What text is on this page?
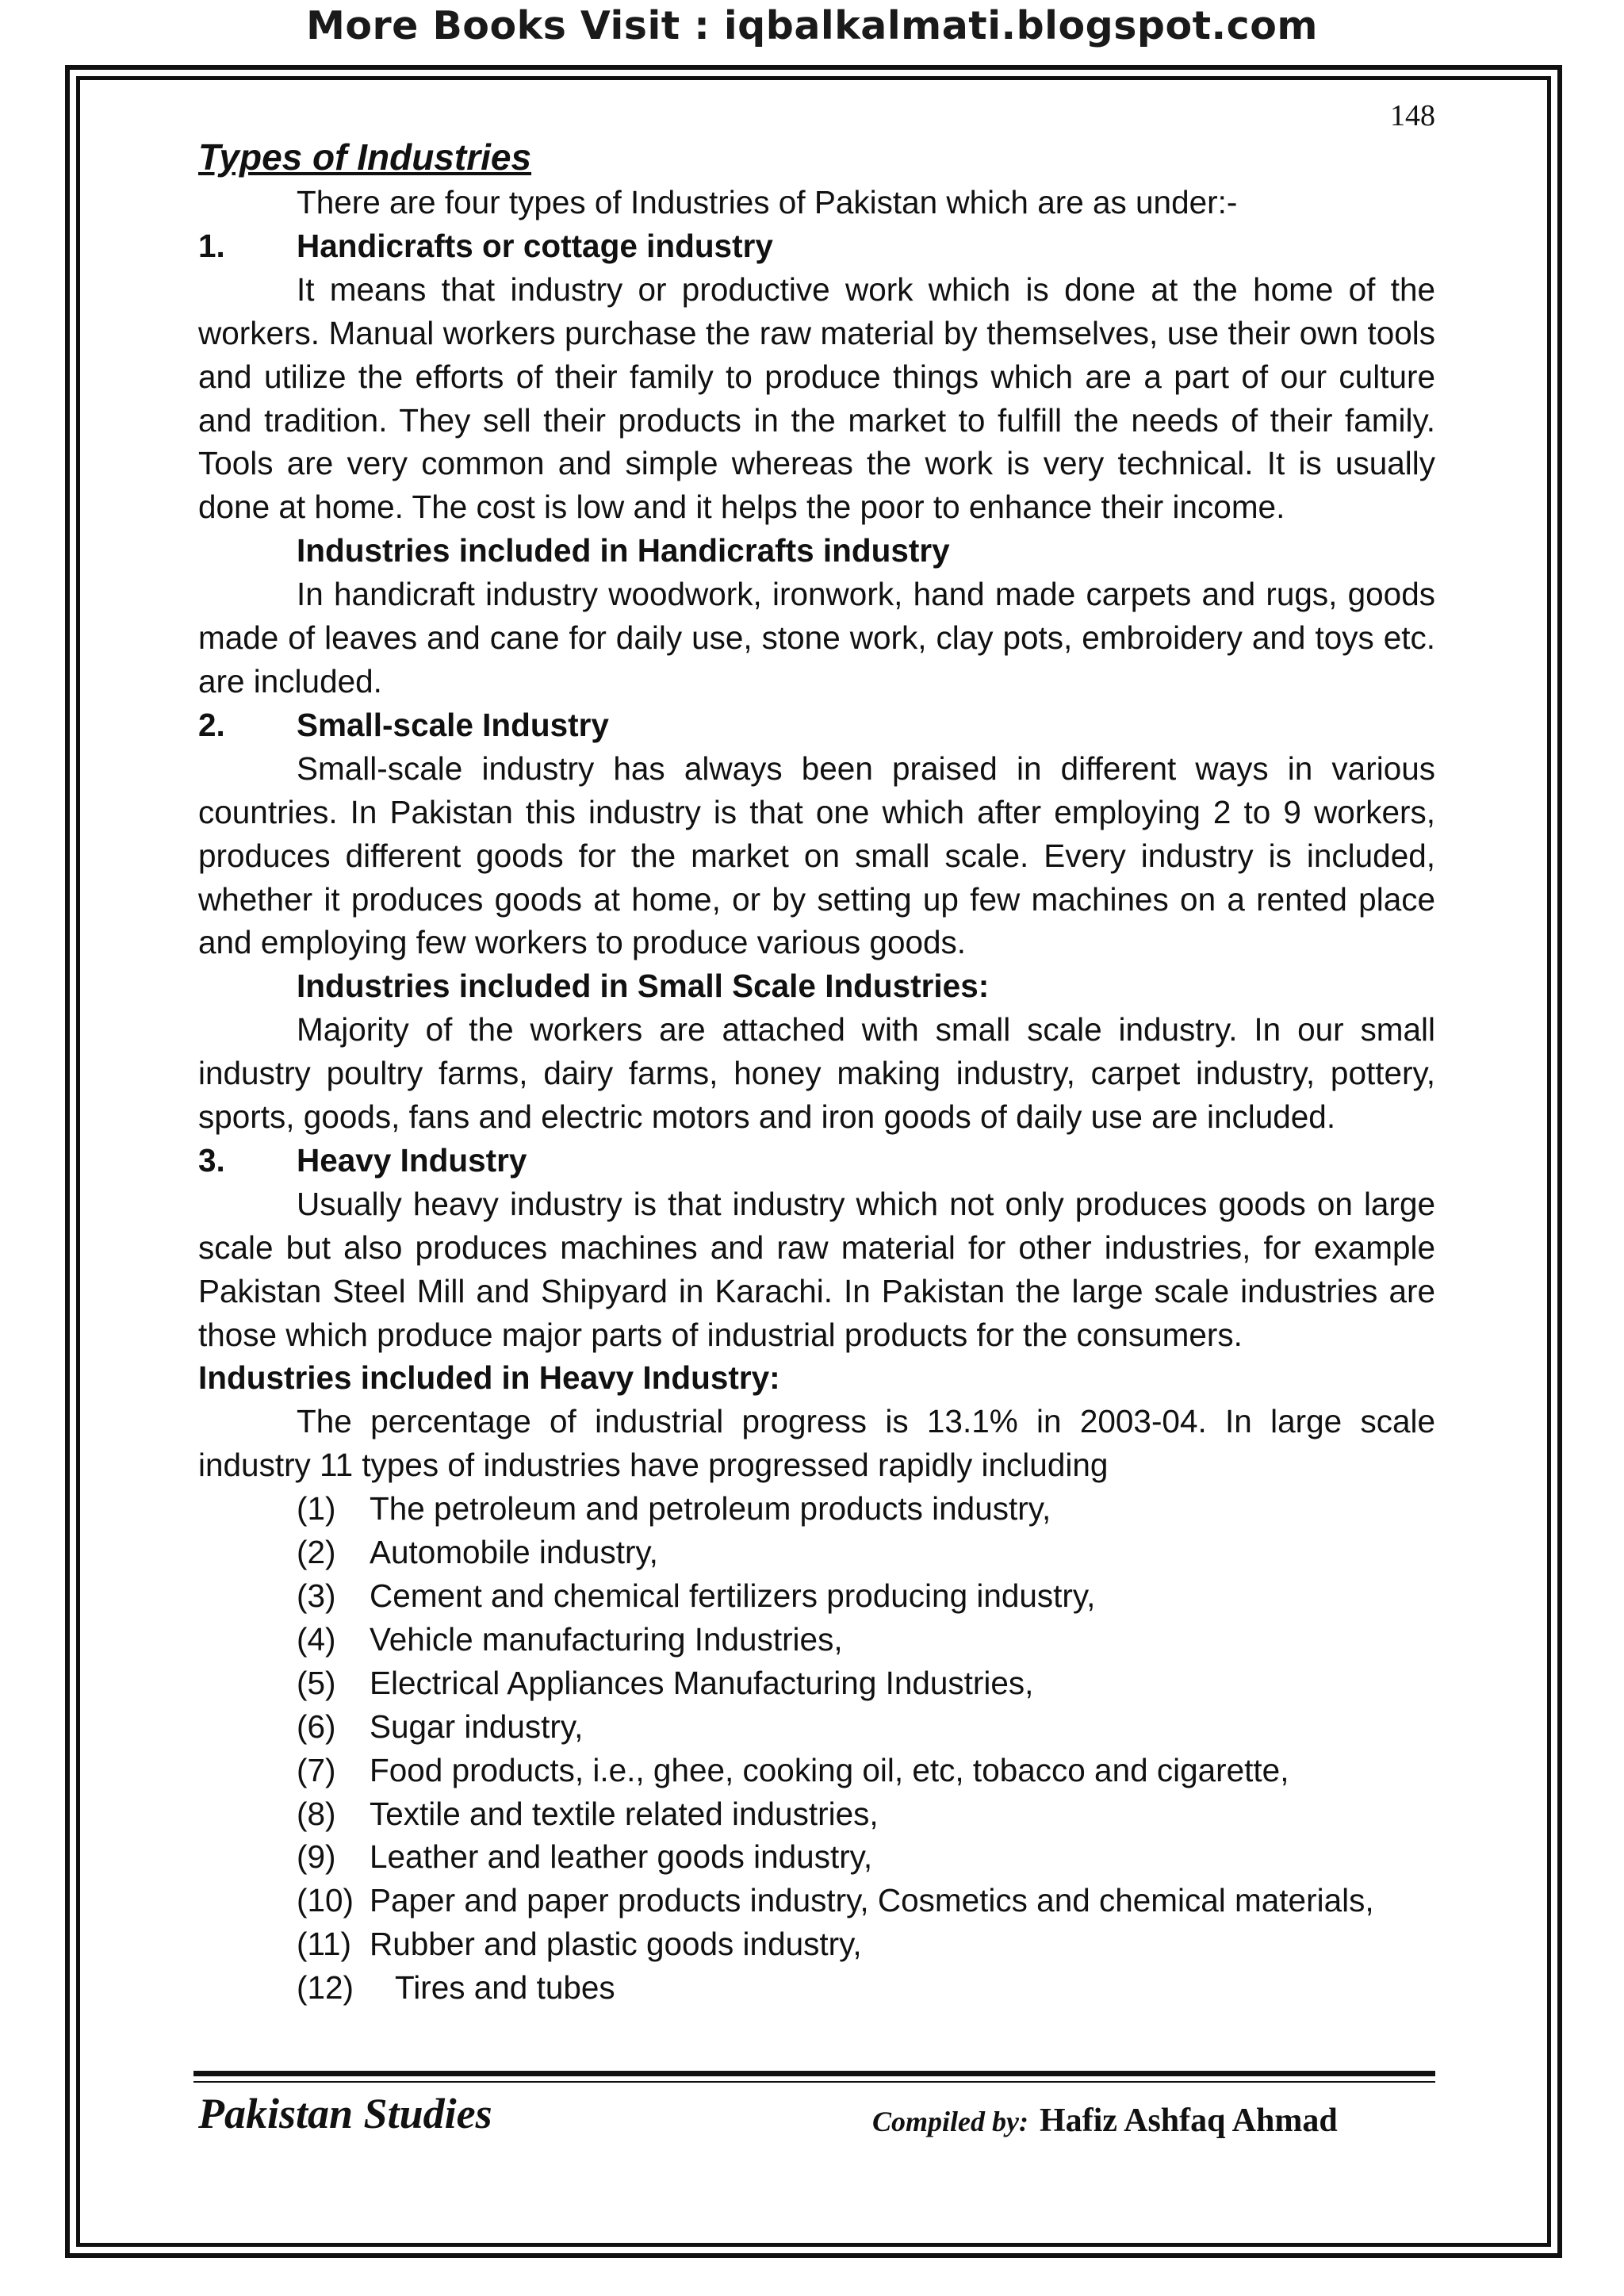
More Books Visit : iqbalkalmati.blogspot.com
148
Types of Industries

There are four types of Industries of Pakistan which are as under:-

1. Handicrafts or cottage industry

It means that industry or productive work which is done at the home of the workers. Manual workers purchase the raw material by themselves, use their own tools and utilize the efforts of their family to produce things which are a part of our culture and tradition. They sell their products in the market to fulfill the needs of their family. Tools are very common and simple whereas the work is very technical. It is usually done at home. The cost is low and it helps the poor to enhance their income.

Industries included in Handicrafts industry

In handicraft industry woodwork, ironwork, hand made carpets and rugs, goods made of leaves and cane for daily use, stone work, clay pots, embroidery and toys etc. are included.

2. Small-scale Industry

Small-scale industry has always been praised in different ways in various countries. In Pakistan this industry is that one which after employing 2 to 9 workers, produces different goods for the market on small scale. Every industry is included, whether it produces goods at home, or by setting up few machines on a rented place and employing few workers to produce various goods.

Industries included in Small Scale Industries:

Majority of the workers are attached with small scale industry. In our small industry poultry farms, dairy farms, honey making industry, carpet industry, pottery, sports, goods, fans and electric motors and iron goods of daily use are included.

3. Heavy Industry

Usually heavy industry is that industry which not only produces goods on large scale but also produces machines and raw material for other industries, for example Pakistan Steel Mill and Shipyard in Karachi. In Pakistan the large scale industries are those which produce major parts of industrial products for the consumers.

Industries included in Heavy Industry:

The percentage of industrial progress is 13.1% in 2003-04. In large scale industry 11 types of industries have progressed rapidly including

(1) The petroleum and petroleum products industry,
(2) Automobile industry,
(3) Cement and chemical fertilizers producing industry,
(4) Vehicle manufacturing Industries,
(5) Electrical Appliances Manufacturing Industries,
(6) Sugar industry,
(7) Food products, i.e., ghee, cooking oil, etc, tobacco and cigarette,
(8) Textile and textile related industries,
(9) Leather and leather goods industry,
(10) Paper and paper products industry, Cosmetics and chemical materials,
(11) Rubber and plastic goods industry,
(12) Tires and tubes
Pakistan Studies	Compiled by: Hafiz Ashfaq Ahmad
